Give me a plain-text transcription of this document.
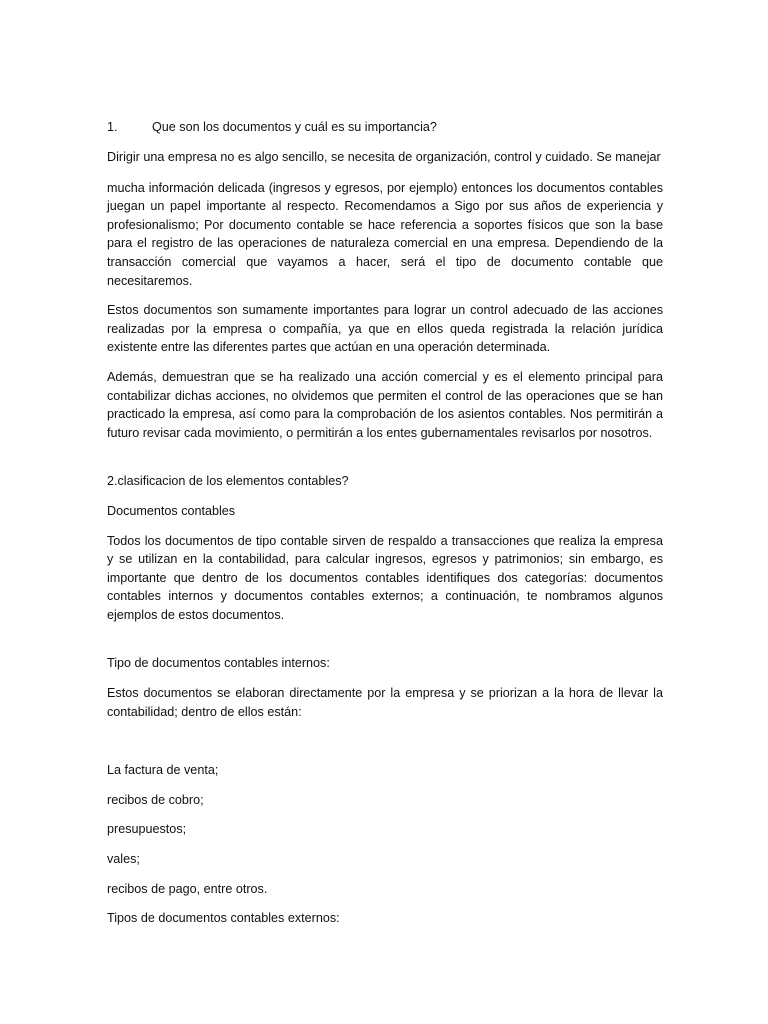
1.	Que son los documentos y cuál es su importancia?

Dirigir una empresa no es algo sencillo, se necesita de organización, control y cuidado. Se manejar

mucha información delicada (ingresos y egresos, por ejemplo) entonces los documentos contables juegan un papel importante al respecto. Recomendamos a Sigo por sus años de experiencia y profesionalismo; Por documento contable se hace referencia a soportes físicos que son la base para el registro de las operaciones de naturaleza comercial en una empresa. Dependiendo de la transacción comercial que vayamos a hacer, será el tipo de documento contable que necesitaremos.

Estos documentos son sumamente importantes para lograr un control adecuado de las acciones realizadas por la empresa o compañía, ya que en ellos queda registrada la relación jurídica existente entre las diferentes partes que actúan en una operación determinada.

Además, demuestran que se ha realizado una acción comercial y es el elemento principal para contabilizar dichas acciones, no olvidemos que permiten el control de las operaciones que se han practicado la empresa, así como para la comprobación de los asientos contables. Nos permitirán a futuro revisar cada movimiento, o permitirán a los entes gubernamentales revisarlos por nosotros.

2.clasificacion de los elementos contables?

Documentos contables

Todos los documentos de tipo contable sirven de respaldo a transacciones que realiza la empresa y se utilizan en la contabilidad, para calcular ingresos, egresos y patrimonios; sin embargo, es importante que dentro de los documentos contables identifiques dos categorías: documentos contables internos y documentos contables externos; a continuación, te nombramos algunos ejemplos de estos documentos.

Tipo de documentos contables internos:

Estos documentos se elaboran directamente por la empresa y se priorizan a la hora de llevar la contabilidad; dentro de ellos están:

La factura de venta;

recibos de cobro;

presupuestos;

vales;

recibos de pago, entre otros.

Tipos de documentos contables externos:
